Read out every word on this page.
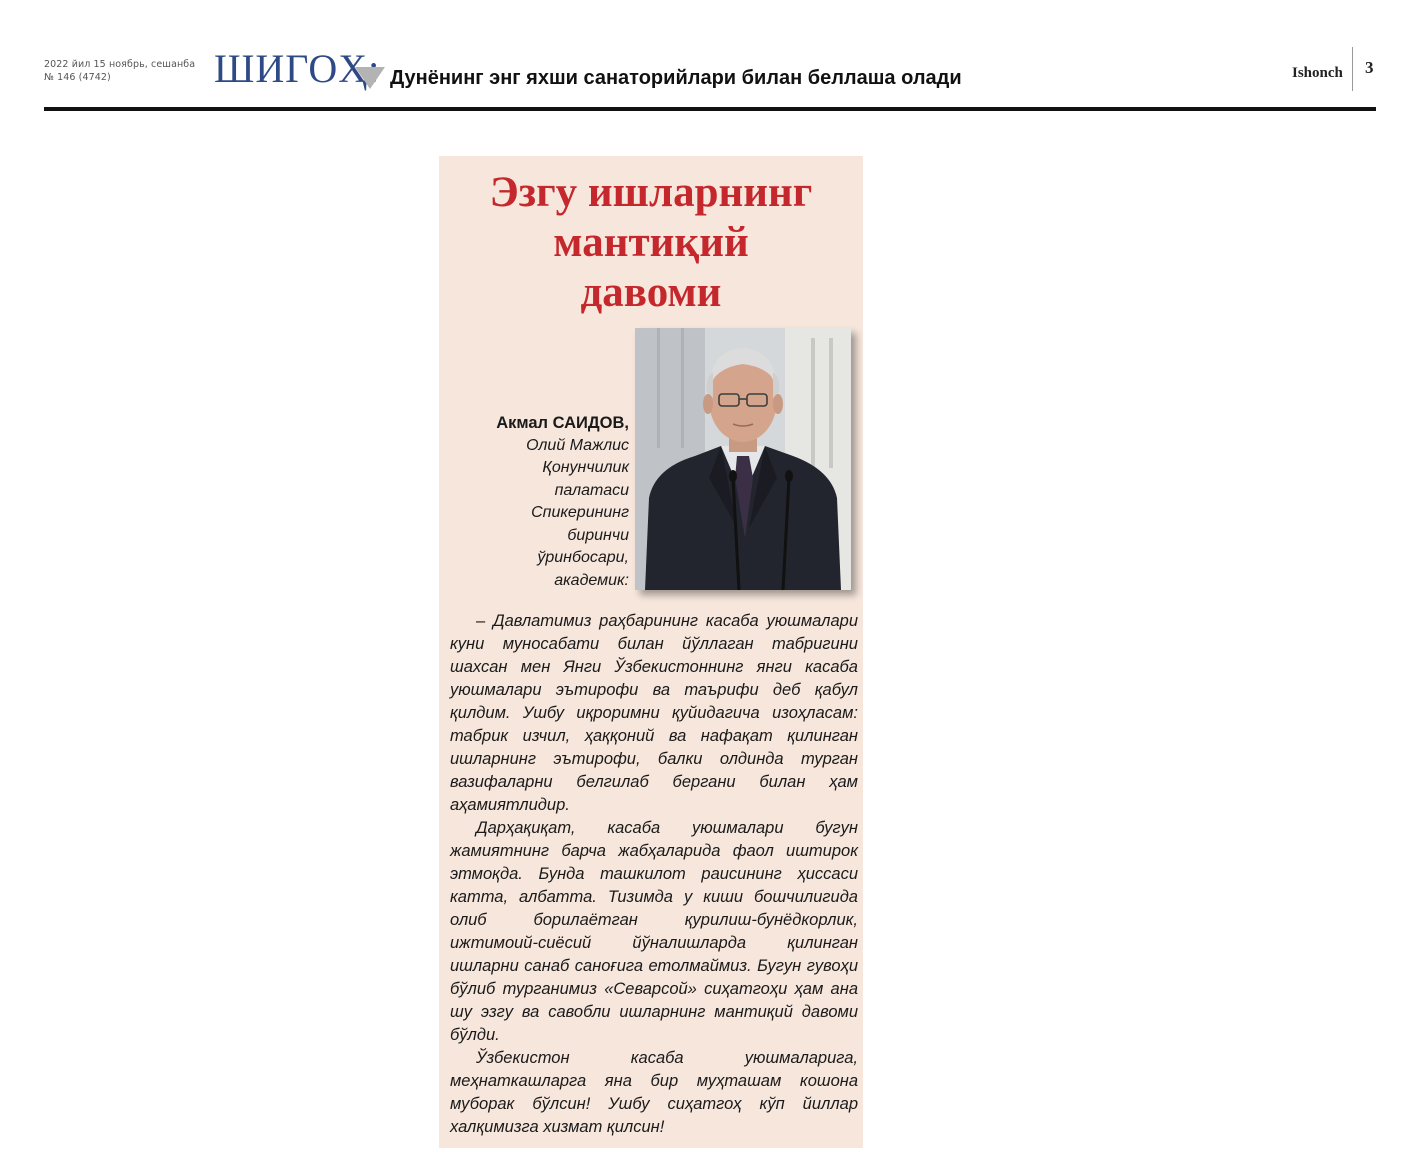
2022 йил 15 ноябрь, сешанба
№ 146 (4742)	ШИГОҲ: Дунёнинг энг яхши санаторийлари билан беллаша олади	Ishonch 3
Эзгу ишларнинг
мантиқий
давоми
Акмал САИДОВ,
Олий Мажлис
Қонунчилик
палатаси
Спикерининг
биринчи
ўринбосари,
академик:

– Давлатимиз раҳбарининг касаба уюшмалари куни муносабати билан йўллаган табригини шахсан мен Янги Ўзбекистоннинг янги касаба уюшмалари эътирофи ва таърифи деб қабул қилдим. Ушбу иқроримни қуйидагича изоҳласам: табрик изчил, ҳаққоний ва нафақат қилинган ишларнинг эътирофи, балки олдинда турган вазифаларни белгилаб бергани билан ҳам аҳамиятлидир.

Дарҳақиқат, касаба уюшмалари бугун жамиятнинг барча жабҳаларида фаол иштирок этмоқда. Бунда ташкилот раисининг ҳиссаси катта, албатта. Тизимда у киши бошчилигида олиб борилаётган қурилиш-бунёдкорлик, ижтимоий-сиёсий йўналишларда қилинган ишларни санаб саноғига етолмаймиз. Бугун гувоҳи бўлиб турганимиз «Севарсой» сиҳатгоҳи ҳам ана шу эзгу ва савобли ишларнинг мантиқий давоми бўлди.

Ўзбекистон касаба уюшмаларига, меҳнаткашларга яна бир муҳташам кошона муборак бўлсин! Ушбу сиҳатгоҳ кўп йиллар халқимизга хизмат қилсин!
